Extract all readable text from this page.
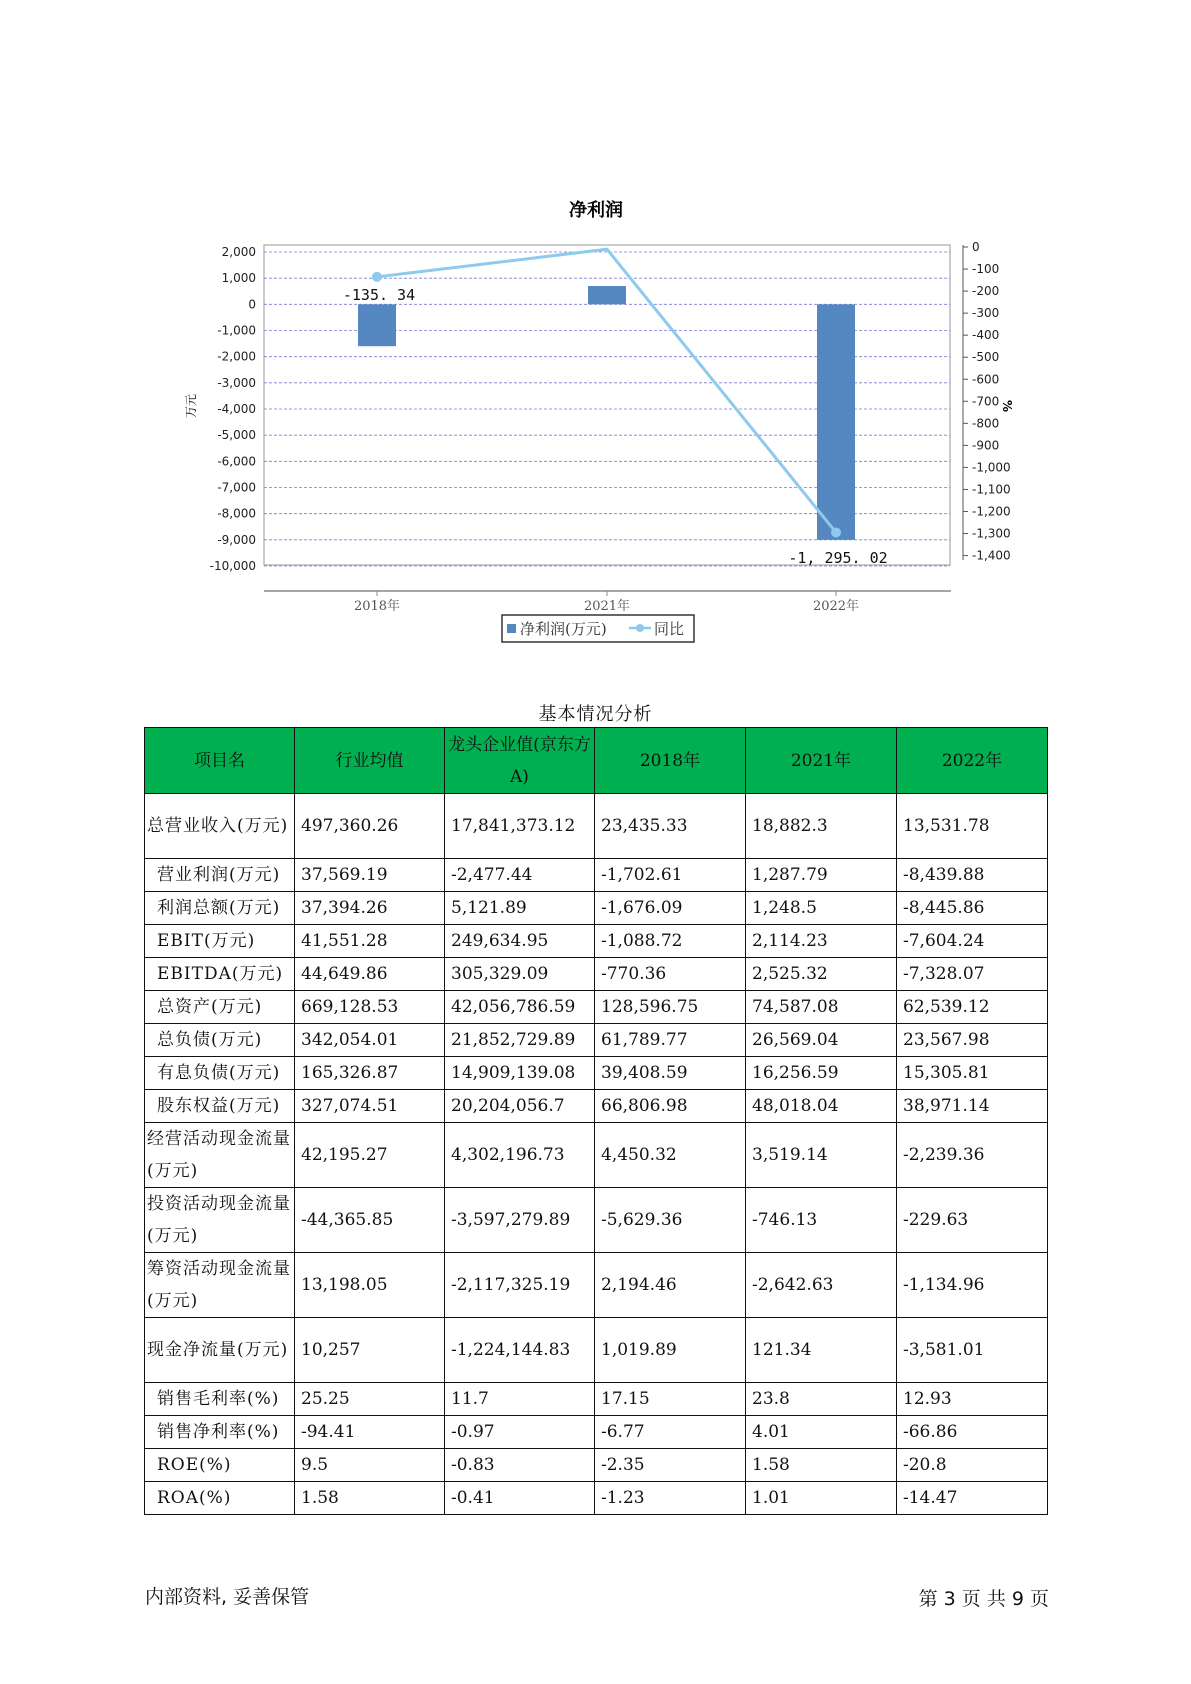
净利润
2,000
1,000
0
-1,000
-2,000
-3,000
-4,000
-5,000
-6,000
-7,000
-8,000
-9,000
-10,000
0
-100
-200
-300
-400
-500
-600
-700
-800
-900
-1,000
-1,100
-1,200
-1,300
-1,400
万元	%
2018年	2021年	2022年
-135. 34
-1, 295. 02
净利润(万元)	同比
基本情况分析
项目名	行业均值	龙头企业值(京东方A)	2018年	2021年	2022年
总营业收入(万元)	497,360.26	17,841,373.12	23,435.33	18,882.3	13,531.78
营业利润(万元)	37,569.19	-2,477.44	-1,702.61	1,287.79	-8,439.88
利润总额(万元)	37,394.26	5,121.89	-1,676.09	1,248.5	-8,445.86
EBIT(万元)	41,551.28	249,634.95	-1,088.72	2,114.23	-7,604.24
EBITDA(万元)	44,649.86	305,329.09	-770.36	2,525.32	-7,328.07
总资产(万元)	669,128.53	42,056,786.59	128,596.75	74,587.08	62,539.12
总负债(万元)	342,054.01	21,852,729.89	61,789.77	26,569.04	23,567.98
有息负债(万元)	165,326.87	14,909,139.08	39,408.59	16,256.59	15,305.81
股东权益(万元)	327,074.51	20,204,056.7	66,806.98	48,018.04	38,971.14
经营活动现金流量(万元)	42,195.27	4,302,196.73	4,450.32	3,519.14	-2,239.36
投资活动现金流量(万元)	-44,365.85	-3,597,279.89	-5,629.36	-746.13	-229.63
筹资活动现金流量(万元)	13,198.05	-2,117,325.19	2,194.46	-2,642.63	-1,134.96
现金净流量(万元)	10,257	-1,224,144.83	1,019.89	121.34	-3,581.01
销售毛利率(%)	25.25	11.7	17.15	23.8	12.93
销售净利率(%)	-94.41	-0.97	-6.77	4.01	-66.86
ROE(%)	9.5	-0.83	-2.35	1.58	-20.8
ROA(%)	1.58	-0.41	-1.23	1.01	-14.47
内部资料, 妥善保管	第 3 页 共 9 页
